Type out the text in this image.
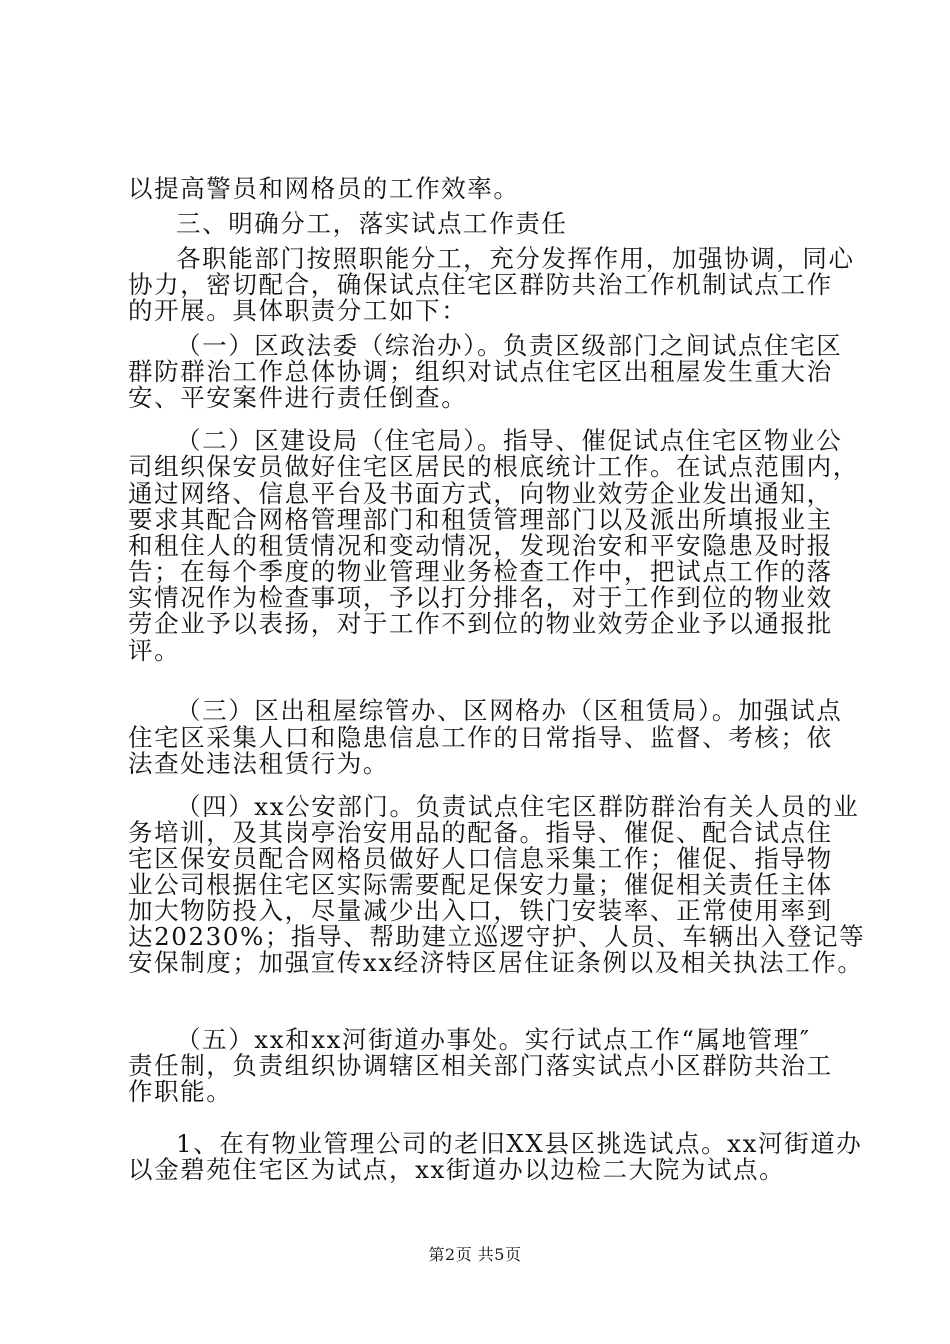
以提高警员和网格员的工作效率。
三、明确分工，落实试点工作责任
各职能部门按照职能分工，充分发挥作用，加强协调，同心
协力，密切配合，确保试点住宅区群防共治工作机制试点工作
的开展。具体职责分工如下：
（一）区政法委（综治办）。负责区级部门之间试点住宅区
群防群治工作总体协调；组织对试点住宅区出租屋发生重大治
安、平安案件进行责任倒查。
（二）区建设局（住宅局）。指导、催促试点住宅区物业公
司组织保安员做好住宅区居民的根底统计工作。在试点范围内，
通过网络、信息平台及书面方式，向物业效劳企业发出通知，
要求其配合网格管理部门和租赁管理部门以及派出所填报业主
和租住人的租赁情况和变动情况，发现治安和平安隐患及时报
告；在每个季度的物业管理业务检查工作中，把试点工作的落
实情况作为检查事项，予以打分排名，对于工作到位的物业效
劳企业予以表扬，对于工作不到位的物业效劳企业予以通报批
评。
（三）区出租屋综管办、区网格办（区租赁局）。加强试点
住宅区采集人口和隐患信息工作的日常指导、监督、考核；依
法查处违法租赁行为。
（四）xx公安部门。负责试点住宅区群防群治有关人员的业
务培训，及其岗亭治安用品的配备。指导、催促、配合试点住
宅区保安员配合网格员做好人口信息采集工作；催促、指导物
业公司根据住宅区实际需要配足保安力量；催促相关责任主体
加大物防投入，尽量减少出入口，铁门安装率、正常使用率到
达20230%；指导、帮助建立巡逻守护、人员、车辆出入登记等
安保制度；加强宣传xx经济特区居住证条例以及相关执法工作。
（五）xx和xx河街道办事处。实行试点工作“属地管理″
责任制，负责组织协调辖区相关部门落实试点小区群防共治工
作职能。
1、在有物业管理公司的老旧XX县区挑选试点。xx河街道办
以金碧苑住宅区为试点，xx街道办以边检二大院为试点。
第2页 共5页
